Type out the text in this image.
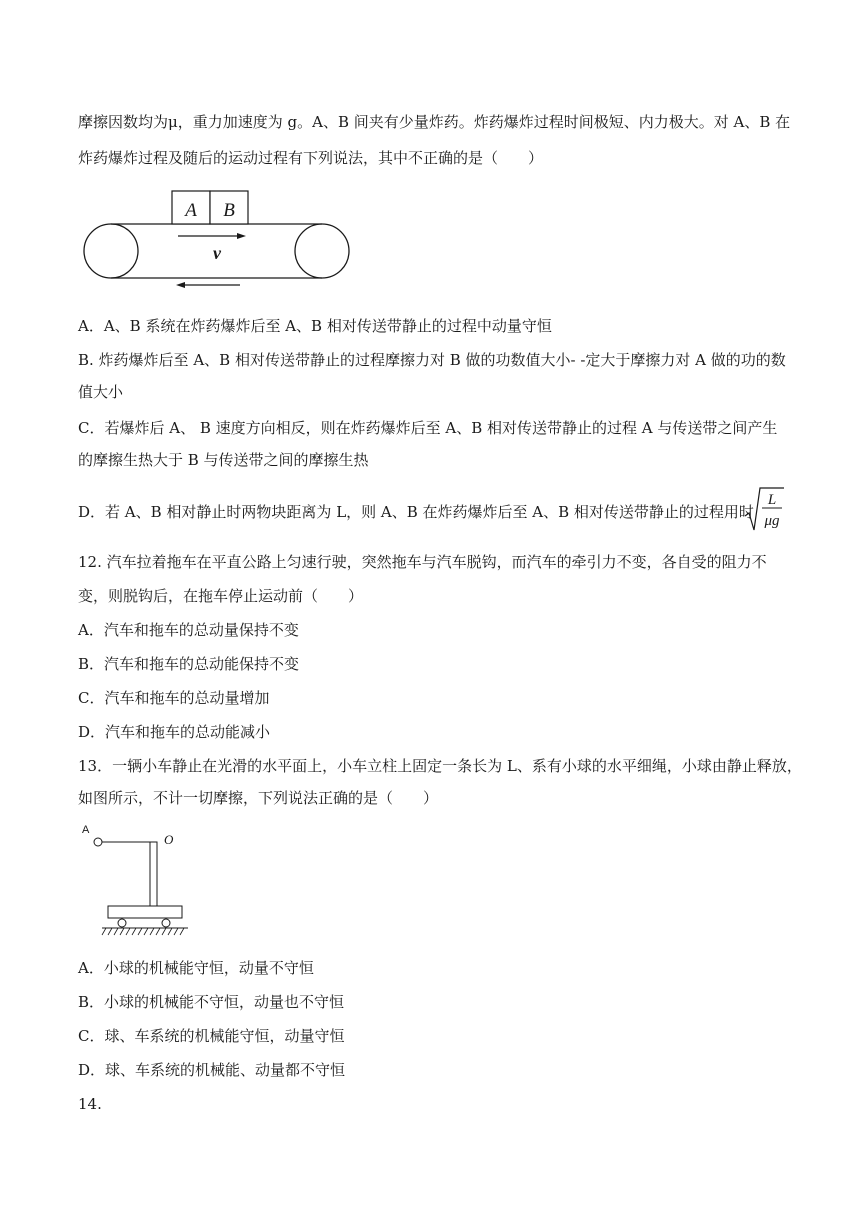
摩擦因数均为μ，重力加速度为 g。A、B 间夹有少量炸药。炸药爆炸过程时间极短、内力极大。对 A、B 在
炸药爆炸过程及随后的运动过程有下列说法，其中不正确的是（　　）
A B
v
A．A、B 系统在炸药爆炸后至 A、B 相对传送带静止的过程中动量守恒
B. 炸药爆炸后至 A、B 相对传送带静止的过程摩擦力对 B 做的功数值大小- -定大于摩擦力对 A 做的功的数
值大小
C．若爆炸后 A、 B 速度方向相反，则在炸药爆炸后至 A、B 相对传送带静止的过程 A 与传送带之间产生
的摩擦生热大于 B 与传送带之间的摩擦生热
D．若 A、B 相对静止时两物块距离为 L，则 A、B 在炸药爆炸后至 A、B 相对传送带静止的过程用时
L
μg
12. 汽车拉着拖车在平直公路上匀速行驶，突然拖车与汽车脱钩，而汽车的牵引力不变，各自受的阻力不
变，则脱钩后，在拖车停止运动前（　　）
A．汽车和拖车的总动量保持不变
B．汽车和拖车的总动能保持不变
C．汽车和拖车的总动量增加
D．汽车和拖车的总动能减小
13．一辆小车静止在光滑的水平面上，小车立柱上固定一条长为 L、系有小球的水平细绳，小球由静止释放，
如图所示，不计一切摩擦，下列说法正确的是（　　）
A
O
A．小球的机械能守恒，动量不守恒
B．小球的机械能不守恒，动量也不守恒
C．球、车系统的机械能守恒，动量守恒
D．球、车系统的机械能、动量都不守恒
14.
